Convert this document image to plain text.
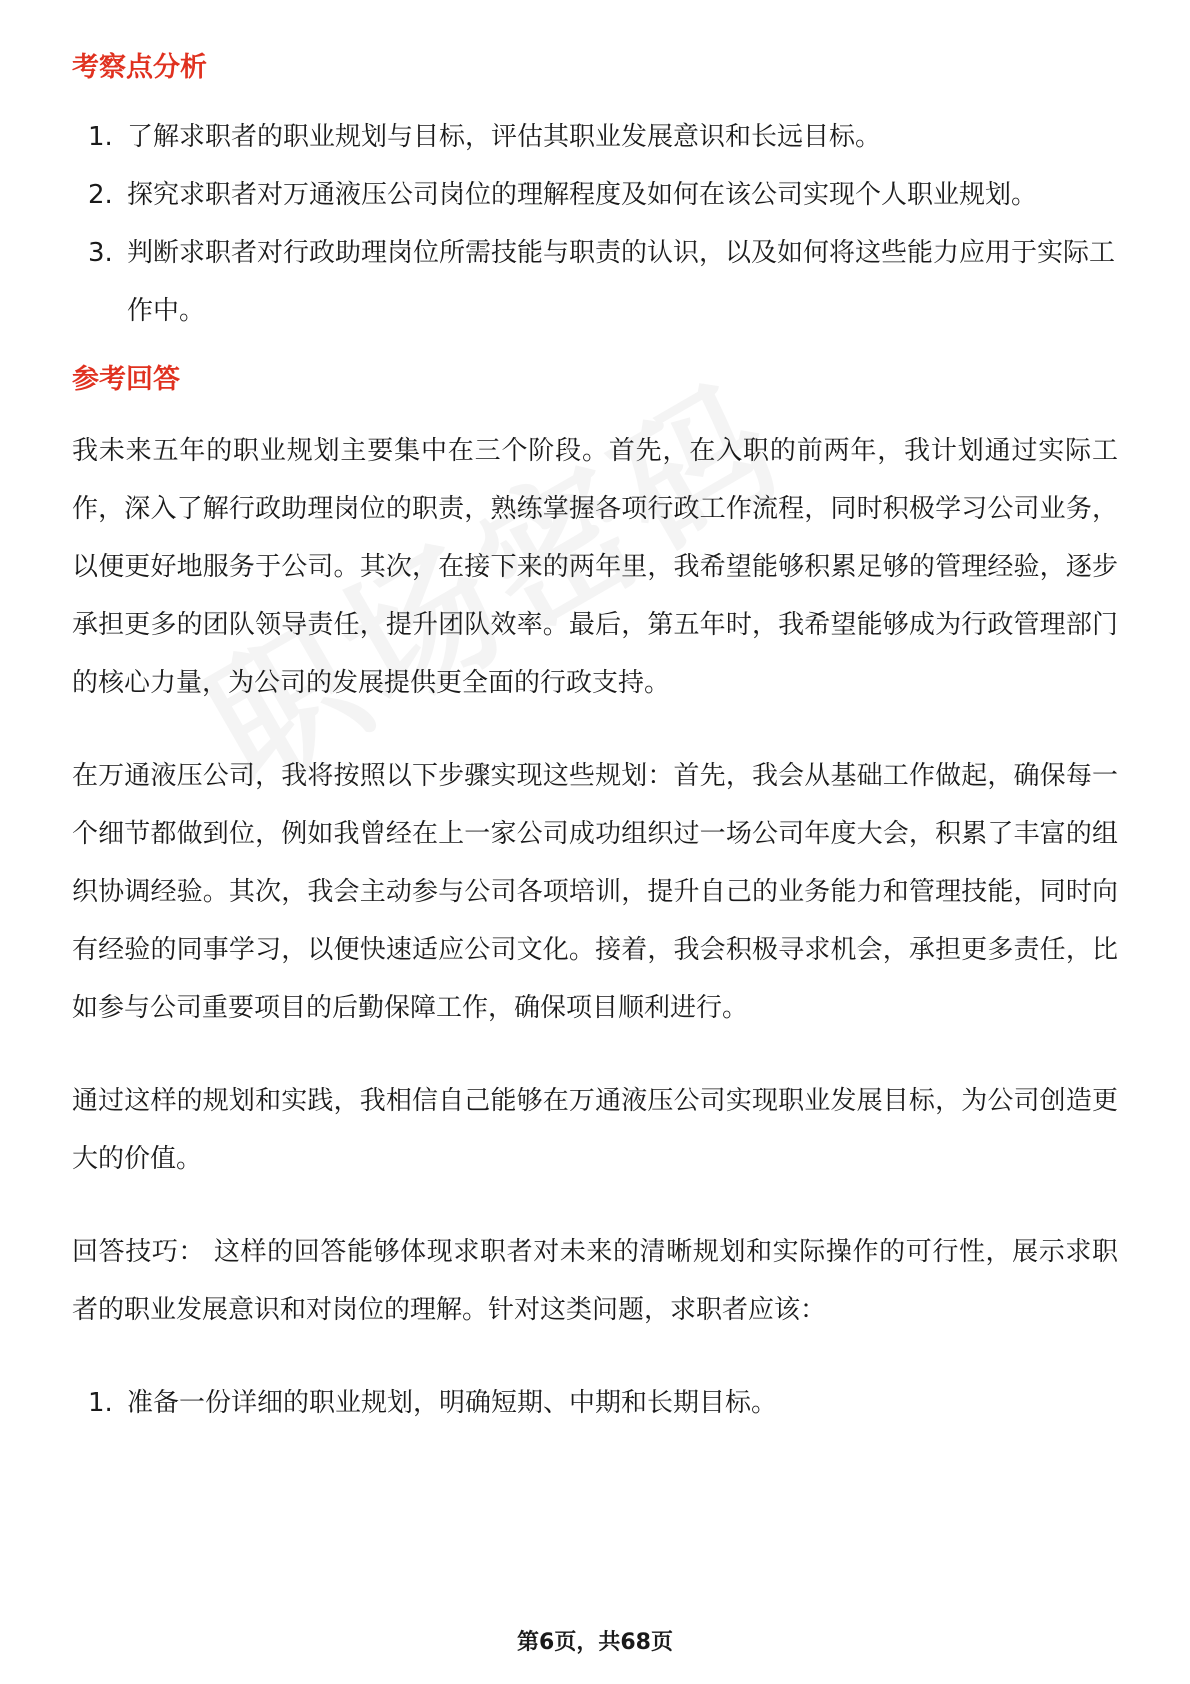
考察点分析
1. 了解求职者的职业规划与目标，评估其职业发展意识和长远目标。
2. 探究求职者对万通液压公司岗位的理解程度及如何在该公司实现个人职业规划。
3. 判断求职者对行政助理岗位所需技能与职责的认识，以及如何将这些能力应用于实际工作中。
参考回答

我未来五年的职业规划主要集中在三个阶段。首先，在入职的前两年，我计划通过实际工作，深入了解行政助理岗位的职责，熟练掌握各项行政工作流程，同时积极学习公司业务，以便更好地服务于公司。其次，在接下来的两年里，我希望能够积累足够的管理经验，逐步承担更多的团队领导责任，提升团队效率。最后，第五年时，我希望能够成为行政管理部门的核心力量，为公司的发展提供更全面的行政支持。

在万通液压公司，我将按照以下步骤实现这些规划：首先，我会从基础工作做起，确保每一个细节都做到位，例如我曾经在上一家公司成功组织过一场公司年度大会，积累了丰富的组织协调经验。其次，我会主动参与公司各项培训，提升自己的业务能力和管理技能，同时向有经验的同事学习，以便快速适应公司文化。接着，我会积极寻求机会，承担更多责任，比如参与公司重要项目的后勤保障工作，确保项目顺利进行。

通过这样的规划和实践，我相信自己能够在万通液压公司实现职业发展目标，为公司创造更大的价值。

回答技巧： 这样的回答能够体现求职者对未来的清晰规划和实际操作的可行性，展示求职者的职业发展意识和对岗位的理解。针对这类问题，求职者应该：

1. 准备一份详细的职业规划，明确短期、中期和长期目标。
第6页，共68页
